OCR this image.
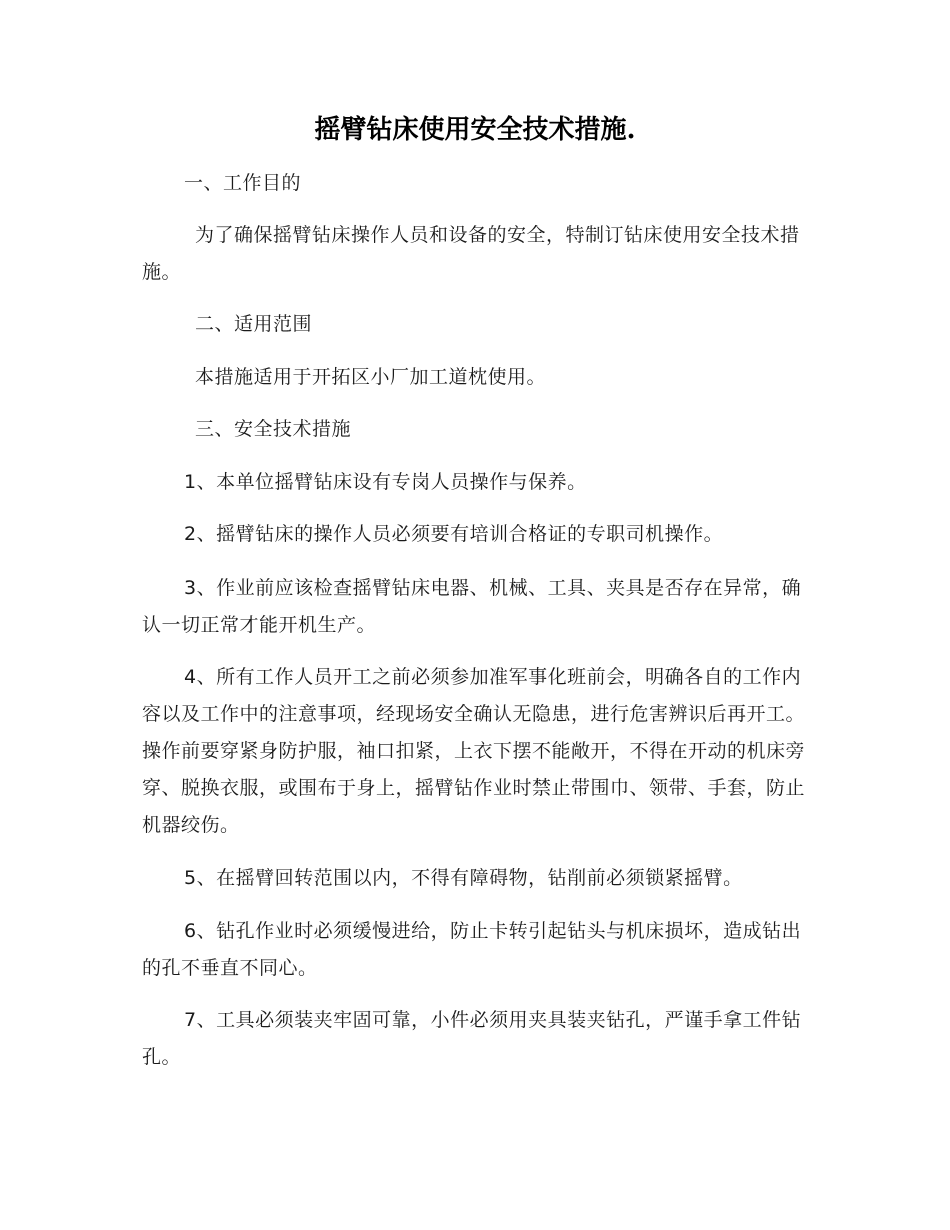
摇臂钻床使用安全技术措施.

一、工作目的

为了确保摇臂钻床操作人员和设备的安全，特制订钻床使用安全技术措施。

二、适用范围

本措施适用于开拓区小厂加工道枕使用。

三、安全技术措施

1、本单位摇臂钻床设有专岗人员操作与保养。

2、摇臂钻床的操作人员必须要有培训合格证的专职司机操作。

3、作业前应该检查摇臂钻床电器、机械、工具、夹具是否存在异常，确认一切正常才能开机生产。

4、所有工作人员开工之前必须参加准军事化班前会，明确各自的工作内容以及工作中的注意事项，经现场安全确认无隐患，进行危害辨识后再开工。操作前要穿紧身防护服，袖口扣紧，上衣下摆不能敞开，不得在开动的机床旁穿、脱换衣服，或围布于身上，摇臂钻作业时禁止带围巾、领带、手套，防止机器绞伤。

5、在摇臂回转范围以内，不得有障碍物，钻削前必须锁紧摇臂。

6、钻孔作业时必须缓慢进给，防止卡转引起钻头与机床损坏，造成钻出的孔不垂直不同心。

7、工具必须装夹牢固可靠，小件必须用夹具装夹钻孔，严谨手拿工件钻孔。
